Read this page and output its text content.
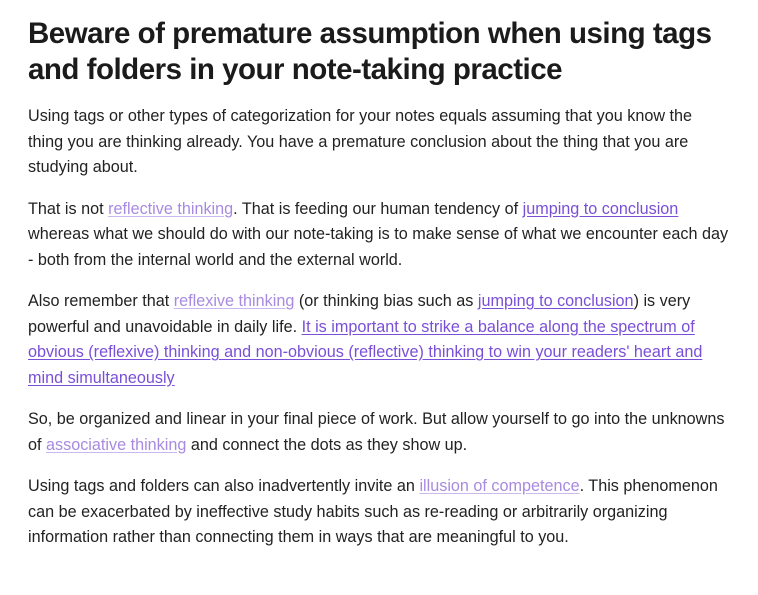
Beware of premature assumption when using tags and folders in your note-taking practice

Using tags or other types of categorization for your notes equals assuming that you know the thing you are thinking already. You have a premature conclusion about the thing that you are studying about.

That is not reflective thinking. That is feeding our human tendency of jumping to conclusion whereas what we should do with our note-taking is to make sense of what we encounter each day - both from the internal world and the external world.

Also remember that reflexive thinking (or thinking bias such as jumping to conclusion) is very powerful and unavoidable in daily life. It is important to strike a balance along the spectrum of obvious (reflexive) thinking and non-obvious (reflective) thinking to win your readers' heart and mind simultaneously

So, be organized and linear in your final piece of work. But allow yourself to go into the unknowns of associative thinking and connect the dots as they show up.

Using tags and folders can also inadvertently invite an illusion of competence. This phenomenon can be exacerbated by ineffective study habits such as re-reading or arbitrarily organizing information rather than connecting them in ways that are meaningful to you.
